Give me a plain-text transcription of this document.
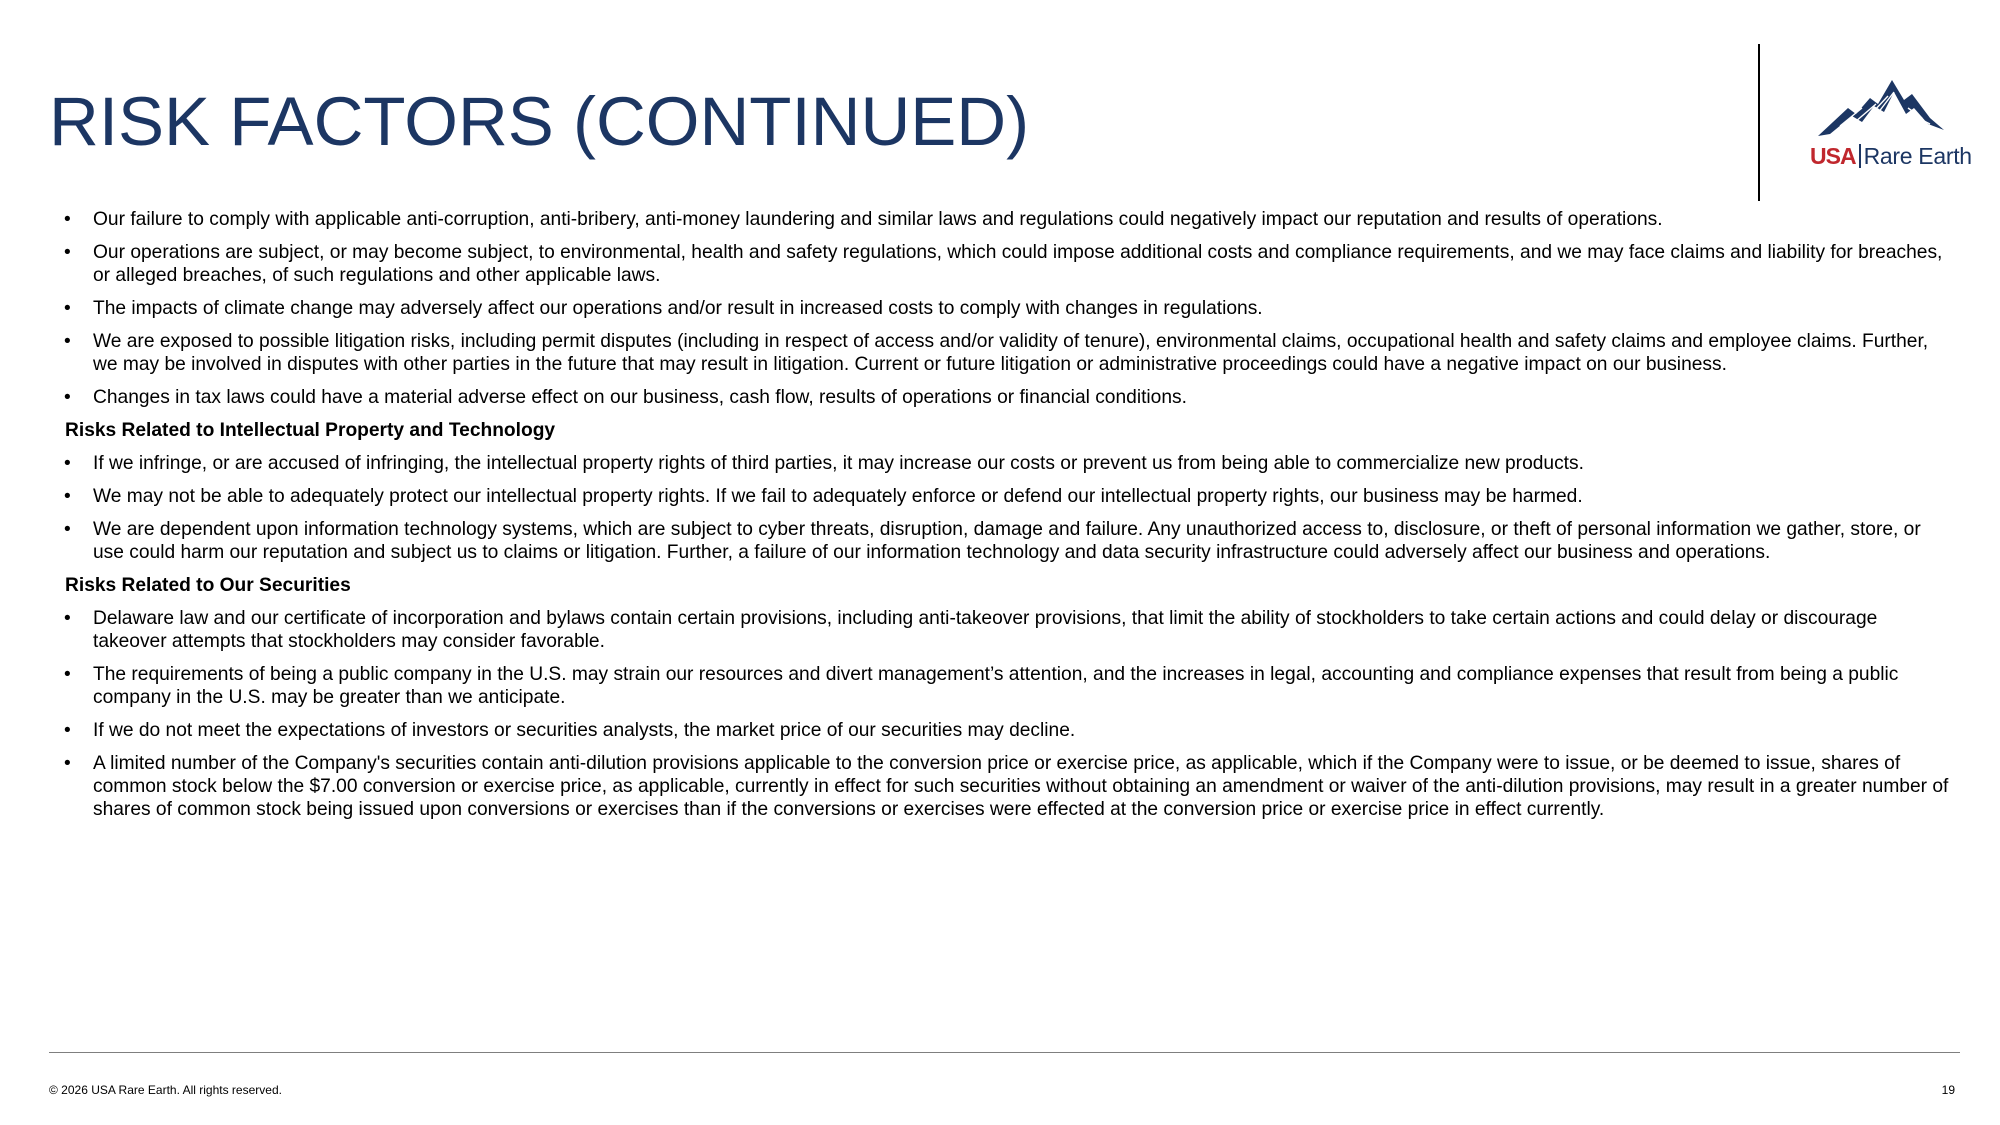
RISK FACTORS (CONTINUED)	USA Rare Earth
• Our failure to comply with applicable anti-corruption, anti-bribery, anti-money laundering and similar laws and regulations could negatively impact our reputation and results of operations.
• Our operations are subject, or may become subject, to environmental, health and safety regulations, which could impose additional costs and compliance requirements, and we may face claims and liability for breaches, or alleged breaches, of such regulations and other applicable laws.
• The impacts of climate change may adversely affect our operations and/or result in increased costs to comply with changes in regulations.
• We are exposed to possible litigation risks, including permit disputes (including in respect of access and/or validity of tenure), environmental claims, occupational health and safety claims and employee claims. Further, we may be involved in disputes with other parties in the future that may result in litigation. Current or future litigation or administrative proceedings could have a negative impact on our business.
• Changes in tax laws could have a material adverse effect on our business, cash flow, results of operations or financial conditions.
Risks Related to Intellectual Property and Technology
• If we infringe, or are accused of infringing, the intellectual property rights of third parties, it may increase our costs or prevent us from being able to commercialize new products.
• We may not be able to adequately protect our intellectual property rights. If we fail to adequately enforce or defend our intellectual property rights, our business may be harmed.
• We are dependent upon information technology systems, which are subject to cyber threats, disruption, damage and failure. Any unauthorized access to, disclosure, or theft of personal information we gather, store, or use could harm our reputation and subject us to claims or litigation. Further, a failure of our information technology and data security infrastructure could adversely affect our business and operations.
Risks Related to Our Securities
• Delaware law and our certificate of incorporation and bylaws contain certain provisions, including anti-takeover provisions, that limit the ability of stockholders to take certain actions and could delay or discourage takeover attempts that stockholders may consider favorable.
• The requirements of being a public company in the U.S. may strain our resources and divert management’s attention, and the increases in legal, accounting and compliance expenses that result from being a public company in the U.S. may be greater than we anticipate.
• If we do not meet the expectations of investors or securities analysts, the market price of our securities may decline.
• A limited number of the Company's securities contain anti-dilution provisions applicable to the conversion price or exercise price, as applicable, which if the Company were to issue, or be deemed to issue, shares of common stock below the $7.00 conversion or exercise price, as applicable, currently in effect for such securities without obtaining an amendment or waiver of the anti-dilution provisions, may result in a greater number of shares of common stock being issued upon conversions or exercises than if the conversions or exercises were effected at the conversion price or exercise price in effect currently.
© 2026 USA Rare Earth. All rights reserved.	19
